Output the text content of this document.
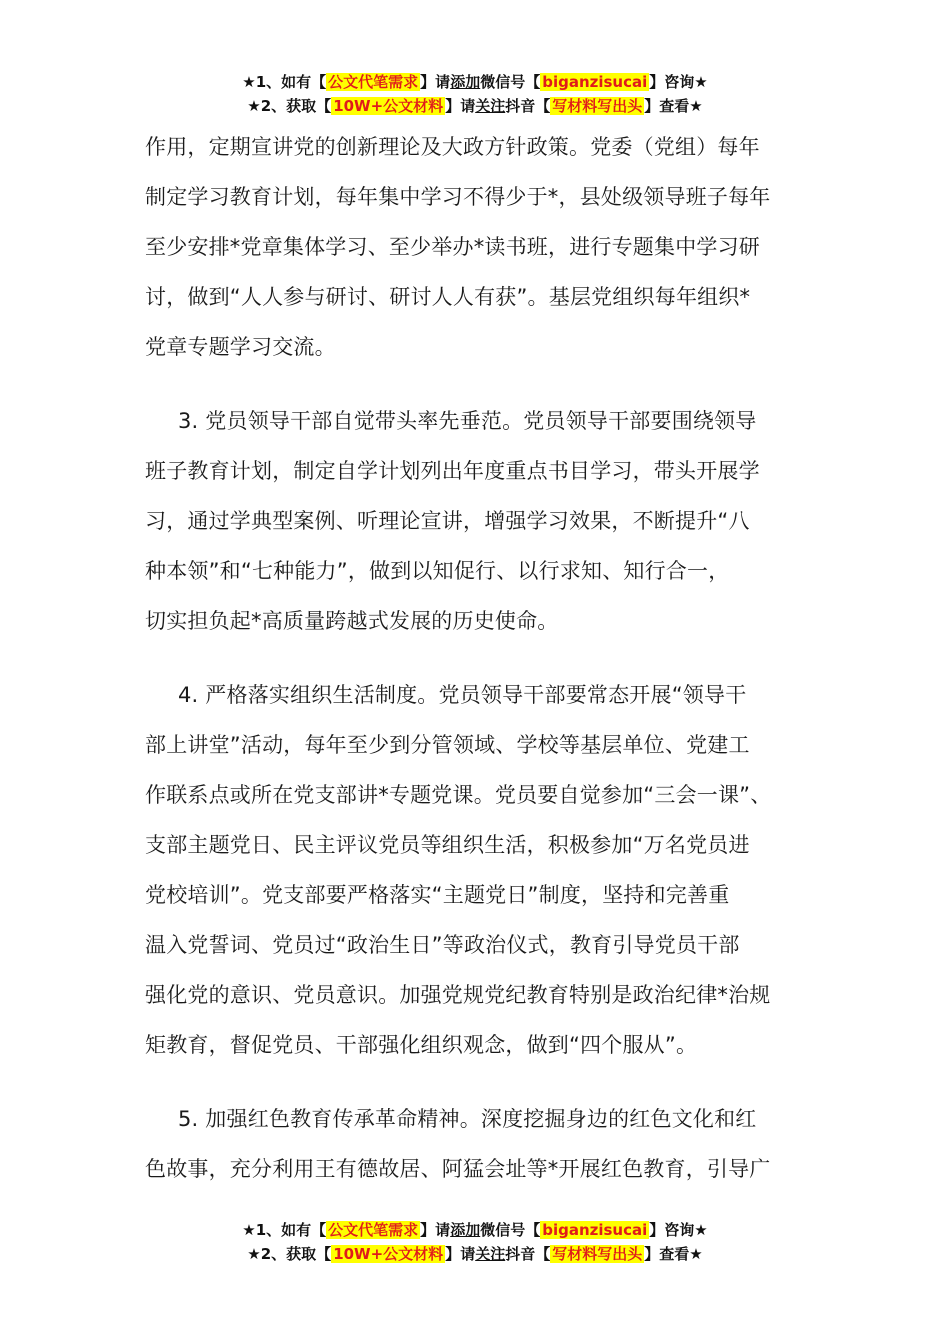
★1、如有【 公文代笔需求 】请添加微信号【 biganzisucai 】咨询★
★2、获取【 10W+公文材料 】请关注抖音【 写材料写出头 】查看★
作用，定期宣讲党的创新理论及大政方针政策。党委（党组）每年
制定学习教育计划，每年集中学习不得少于*，县处级领导班子每年
至少安排*党章集体学习、至少举办*读书班，进行专题集中学习研
讨，做到“人人参与研讨、研讨人人有获”。基层党组织每年组织*
党章专题学习交流。
3. 党员领导干部自觉带头率先垂范。党员领导干部要围绕领导
班子教育计划，制定自学计划列出年度重点书目学习，带头开展学
习，通过学典型案例、听理论宣讲，增强学习效果，不断提升“八
种本领”和“七种能力”，做到以知促行、以行求知、知行合一，
切实担负起*高质量跨越式发展的历史使命。
4. 严格落实组织生活制度。党员领导干部要常态开展“领导干
部上讲堂”活动，每年至少到分管领域、学校等基层单位、党建工
作联系点或所在党支部讲*专题党课。党员要自觉参加“三会一课”、
支部主题党日、民主评议党员等组织生活，积极参加“万名党员进
党校培训”。党支部要严格落实“主题党日”制度，坚持和完善重
温入党誓词、党员过“政治生日”等政治仪式，教育引导党员干部
强化党的意识、党员意识。加强党规党纪教育特别是政治纪律*治规
矩教育，督促党员、干部强化组织观念，做到“四个服从”。
5. 加强红色教育传承革命精神。深度挖掘身边的红色文化和红
色故事，充分利用王有德故居、阿猛会址等*开展红色教育，引导广
★1、如有【 公文代笔需求 】请添加微信号【 biganzisucai 】咨询★
★2、获取【 10W+公文材料 】请关注抖音【 写材料写出头 】查看★
